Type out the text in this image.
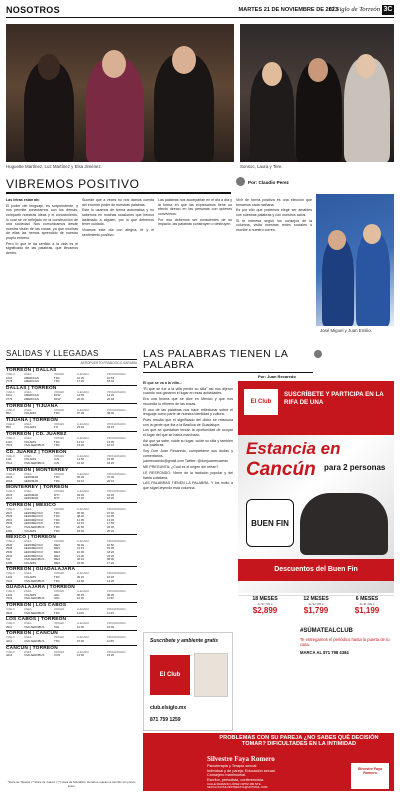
NOSOTROS	MARTES 21 DE NOVIEMBRE DE 2023
El Siglo de Torreón 3C
Huguette Martínez, Luz Martínez y Elsa Jiménez.	Sonsoc, Laura y Tere.
VIBREMOS POSITIVO	Por: Claudio Perez

Las letras están ahí

El poder del lenguaje, es sorprendente, y nos permite conectarnos con los demás, compartir nuestras ideas y el conocimiento, lo cual se ve reflejado en la construcción de una sociedad. Nos comunicamos desde nuestra visión de las cosas, ya que muchas de ellas las hemos aprendido de nuestro propio entorno.

Pero lo que le da sentido a la vida es el significado de las palabras, que llevamos dentro.

Sucede que a veces no nos damos cuenta del enorme poder de nuestras palabras.

Este lo usamos de forma automática y no sabemos en muchas ocasiones que hemos lastimado a alguien, por lo que debemos tener cuidado.

Vivamos este día con alegría, fe y el sentimiento positivo.

Las palabras nos acompañan en el día a día y la forma en que las expresamos tiene un efecto directo en las personas con quienes convivimos.

Por eso debemos ser conscientes de su impacto, las palabras construyen o destruyen.

Vivir de forma positiva es una elección que tomamos cada mañana.

Es por ello que podemos elegir ser amables con nuestras palabras y con nuestros actos.

Si te interesa seguir los consejos de la columna, visita nuestras redes sociales o escribe a nuestro correo.

José Miguel y Juan Emilio.
SALIDAS Y LLEGADAS
AEROPUERTO FRANCISCO SARABIA
TORREÓN | DALLAS
VUELO	LÍNEA	ORIGEN	LLEGADA	PROGRAMADA
1010	AMERICAN	TRC	10:35	10:53
2778	AMERICAN	TRC	17:45	18:02
DALLAS | TORREÓN
VUELO	LÍNEA	ORIGEN	LLEGADA	PROGRAMADA
1011	AMERICAN	DFW	13:55	14:20
2779	AMERICAN	DFW	20:30	20:48
TORREÓN | TIJUANA
VUELO	LÍNEA	ORIGEN	LLEGADA	PROGRAMADA
852	VOLARIS	TRC	07:05	08:00
TIJUANA | TORREÓN
VUELO	LÍNEA	ORIGEN	LLEGADA	PROGRAMADA
853	VOLARIS	TIJ	23:40	04:15
TORREÓN | CD. JUÁREZ
VUELO	LÍNEA	ORIGEN	LLEGADA	PROGRAMADA
1110	VOLARIS	TRC	12:10	13:05
7013	VIVA AEROBUS	TRC	15:20	16:10
CD. JUÁREZ | TORREÓN
VUELO	LÍNEA	ORIGEN	LLEGADA	PROGRAMADA
1111	VOLARIS	CJS	13:50	15:30
7014	VIVA AEROBUS	CJS	16:40	18:25
TORREÓN | MONTERREY
VUELO	LÍNEA	ORIGEN	LLEGADA	PROGRAMADA
2016	AEROMAR	TRC	06:30	07:30
2018	AEROMAR	TRC	19:10	20:10
MONTERREY | TORREÓN
VUELO	LÍNEA	ORIGEN	LLEGADA	PROGRAMADA
2015	AEROMAR	MTY	09:45	10:45
2017	AEROMAR	MTY	17:20	18:20
TORREÓN | MÉXICO
VUELO	LÍNEA	ORIGEN	LLEGADA	PROGRAMADA
2527	AEROMÉXICO	TRC	06:00	07:40
2529	AEROMÉXICO	TRC	08:20	10:05
2531	AEROMÉXICO	TRC	12:05	13:45
2533	AEROMÉXICO	TRC	16:15	17:55
510	VIVA AEROBUS	TRC	20:50	22:30
1084	VOLARIS	TRC	18:40	20:20
MÉXICO | TORREÓN
VUELO	LÍNEA	ORIGEN	LLEGADA	PROGRAMADA
2526	AEROMÉXICO	MEX	09:00	10:50
2528	AEROMÉXICO	MEX	13:15	15:05
2530	AEROMÉXICO	MEX	16:30	18:20
2532	AEROMÉXICO	MEX	21:30	23:20
511	VIVA AEROBUS	MEX	06:10	08:00
1085	VOLARIS	MEX	15:30	17:20
TORREÓN | GUADALAJARA
VUELO	LÍNEA	ORIGEN	LLEGADA	PROGRAMADA
1402	VOLARIS	TRC	09:20	10:45
7021	VIVA AEROBUS	TRC	13:00	14:20
GUADALAJARA | TORREÓN
VUELO	LÍNEA	ORIGEN	LLEGADA	PROGRAMADA
1403	VOLARIS	GDL	06:45	08:05
7022	VIVA AEROBUS	GDL	10:30	11:50
TORREÓN | LOS CABOS
VUELO	LÍNEA	ORIGEN	LLEGADA	PROGRAMADA
3910	VIVA AEROBUS	TRC	11:00	11:45
LOS CABOS | TORREÓN
VUELO	LÍNEA	ORIGEN	LLEGADA	PROGRAMADA
3911	VIVA AEROBUS	SJD	12:30	15:05
TORREÓN | CANCÚN
VUELO	LÍNEA	ORIGEN	LLEGADA	PROGRAMADA
4212	VIVA AEROBUS	TRC	07:30	11:55
CANCÚN | TORREÓN
VUELO	LÍNEA	ORIGEN	LLEGADA	PROGRAMADA
4213	VIVA AEROBUS	CUN	13:00	15:20
*Hora de Tijuana | **Hora de Juárez | (*) Hora de Mazatlán. Horarios sujetos a cambio sin previo aviso.
LAS PALABRAS TIENEN LA PALABRA
Por: Juan Recaredo

El que se va a la villa...

"El que se fue a la villa perdió su silla" así nos dijeron cuando nos ganaron el lugar en esas actividades.

Era una broma que se dice en México y que nos recuerda lo efímero de las cosas.

El uso de las palabras nos hace reflexionar sobre el lenguaje como parte de nuestra identidad y cultura.

Pues resulta que el significado del dicho se relaciona con la gente que iba a la Basílica de Guadalupe.

Los que se quedaban tenían la oportunidad de ocupar el lugar del que se había marchado.

Así que ya sabe, cuide su lugar, cuide su silla y también sus palabras.

Soy Don Juan Recaredo, compártame sus dudas y comentarios.

juanrecaredo@gmail.com Twitter: @donjuanrecaredo

ME PREGUNTA: ¿Cuál es el origen del refrán?

LE RESPONDO: Viene de la tradición popular y del habla cotidiana.

LAS PALABRAS TIENEN LA PALABRA: Y los invito a que sigan leyendo esta columna.

Suscríbete y ambiente gratis
El Club
club.elsiglo.mx
871 759 1259
El Club
SUSCRÍBETE Y PARTICIPA EN LA RIFA DE UNA
Estancia en
Cancún para 2 personas
BUEN FIN
Descuentos del Buen Fin
18 MESES
de $3,799 a
$2,899
12 MESES
de $2,399 a
$1,799
6 MESES
de $1,499 a
$1,199
#SÚMATEALCLUB
Te entregamos el periódico hasta la puerta de tu casa.
MARCA AL 871 798 4384
PROBLEMAS CON SU PAREJA ¿NO SABES QUÉ DECISIÓN TOMAR? DIFICULTADES EN LA INTIMIDAD
Silvestre Faya Romero
Psicoterapia y Terapia sexual.
Individual y de pareja. Educación sexual.
Consejero matrimonial.
Escritor, periodista, conferencista.
CALLE MARIANO LÓPEZ ORTIZ 280 NTE.
SEXOLOGOSILVESTREFAYA@HOTMAIL.COM
Silvestre Faya Romero
